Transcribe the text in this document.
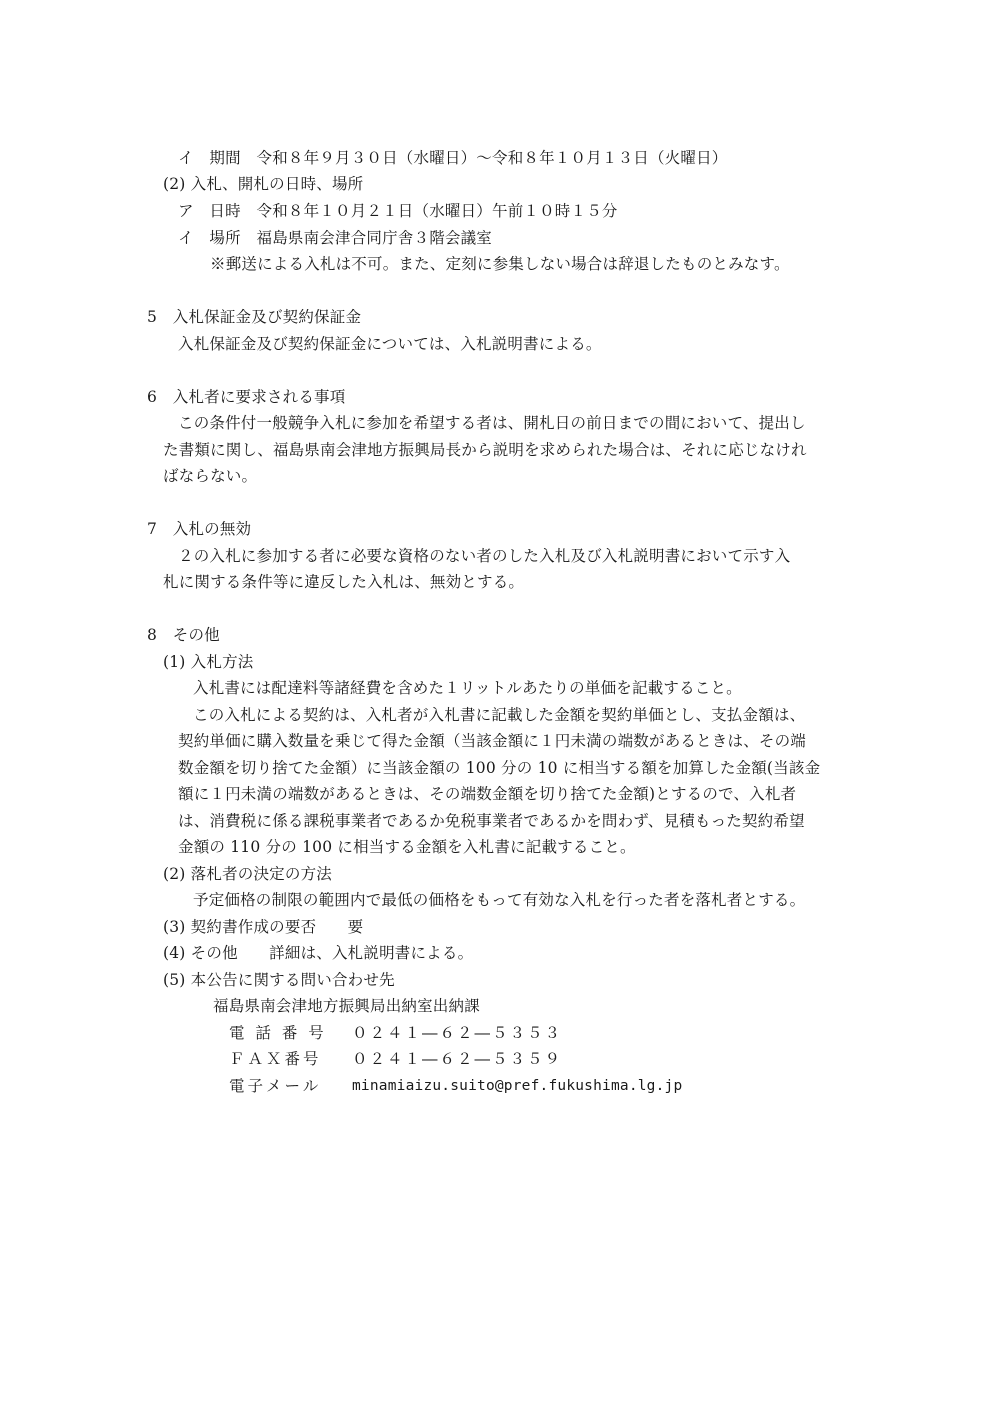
イ　期間　令和８年９月３０日（水曜日）～令和８年１０月１３日（火曜日）
(2) 入札、開札の日時、場所
ア　日時　令和８年１０月２１日（水曜日）午前１０時１５分
イ　場所　福島県南会津合同庁舎３階会議室
※郵送による入札は不可。また、定刻に参集しない場合は辞退したものとみなす。
5　入札保証金及び契約保証金
入札保証金及び契約保証金については、入札説明書による。
6　入札者に要求される事項
この条件付一般競争入札に参加を希望する者は、開札日の前日までの間において、提出し
た書類に関し、福島県南会津地方振興局長から説明を求められた場合は、それに応じなけれ
ばならない。
7　入札の無効
２の入札に参加する者に必要な資格のない者のした入札及び入札説明書において示す入
札に関する条件等に違反した入札は、無効とする。
8　その他
(1) 入札方法
入札書には配達料等諸経費を含めた１リットルあたりの単価を記載すること。
この入札による契約は、入札者が入札書に記載した金額を契約単価とし、支払金額は、
契約単価に購入数量を乗じて得た金額（当該金額に１円未満の端数があるときは、その端
数金額を切り捨てた金額）に当該金額の 100 分の 10 に相当する額を加算した金額(当該金
額に１円未満の端数があるときは、その端数金額を切り捨てた金額)とするので、入札者
は、消費税に係る課税事業者であるか免税事業者であるかを問わず、見積もった契約希望
金額の 110 分の 100 に相当する金額を入札書に記載すること。
(2) 落札者の決定の方法
予定価格の制限の範囲内で最低の価格をもって有効な入札を行った者を落札者とする。
(3) 契約書作成の要否　　要
(4) その他　　詳細は、入札説明書による。
(5) 本公告に関する問い合わせ先
福島県南会津地方振興局出納室出納課
電 話 番 号 ０２４１―６２―５３５３
ＦＡＸ番号 ０２４１―６２―５３５９
電子メール minamiaizu.suito@pref.fukushima.lg.jp
